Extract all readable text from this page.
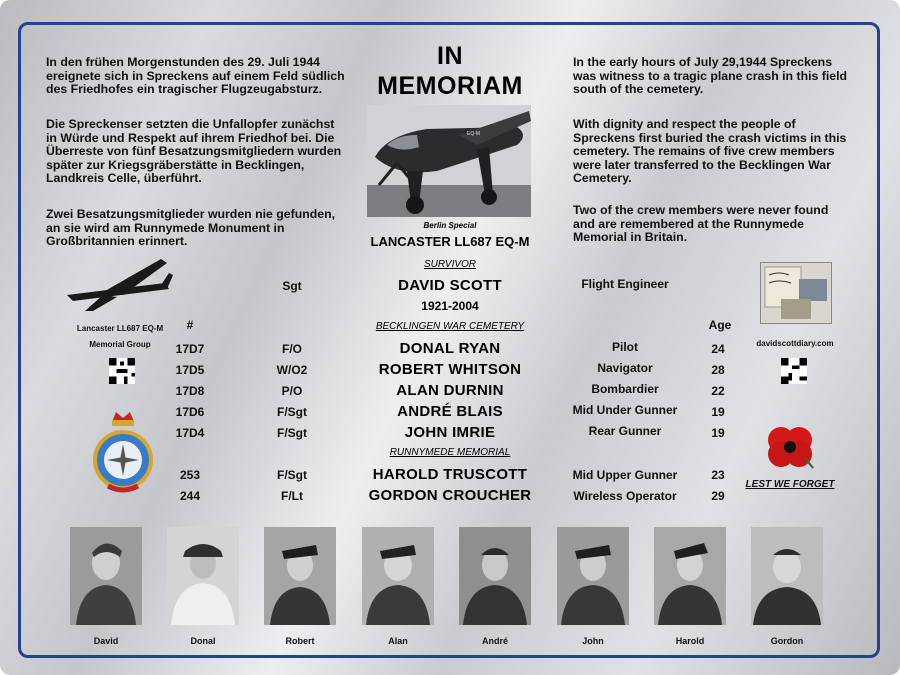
In den frühen Morgenstunden des 29. Juli 1944 ereignete sich in Spreckens auf einem Feld südlich des Friedhofes ein tragischer Flugzeugabsturz.

Die Spreckenser setzten die Unfallopfer zunächst in Würde und Respekt auf ihrem Friedhof bei. Die Überreste von fünf Besatzungsmitgliedern wurden später zur Kriegsgräberstätte in Becklingen, Landkreis Celle, überführt.

Zwei Besatzungsmitglieder wurden nie gefunden, an sie wird am Runnymede Monument in Großbritannien erinnert.

In the early hours of July 29,1944 Spreckens was witness to a tragic plane crash in this field south of the cemetery.

With dignity and respect the people of Spreckens first buried the crash victims in this cemetery. The remains of five crew members were later transferred to the Becklingen War Cemetery.

Two of the crew members were never found and are remembered at the Runnymede Memorial in Britain.

IN
MEMORIAM
EQ-M
Berlin Special
LANCASTER LL687 EQ-M
Lancaster LL687 EQ-M
Memorial Group	davidscottdiary.com
LEST WE FORGET
SURVIVOR
Sgt	DAVID SCOTT	Flight Engineer
1921-2004
#	Age
BECKLINGEN WAR CEMETERY
17D7	F/O	DONAL RYAN	Pilot	24
17D5	W/O2	ROBERT WHITSON	Navigator	28
17D8	P/O	ALAN DURNIN	Bombardier	22
17D6	F/Sgt	ANDRÉ BLAIS	Mid Under Gunner	19
17D4	F/Sgt	JOHN IMRIE	Rear Gunner	19
RUNNYMEDE MEMORIAL
253	F/Sgt	HAROLD TRUSCOTT	Mid Upper Gunner	23
244	F/Lt	GORDON CROUCHER	Wireless Operator	29
David	Donal	Robert	Alan	André	John	Harold	Gordon
